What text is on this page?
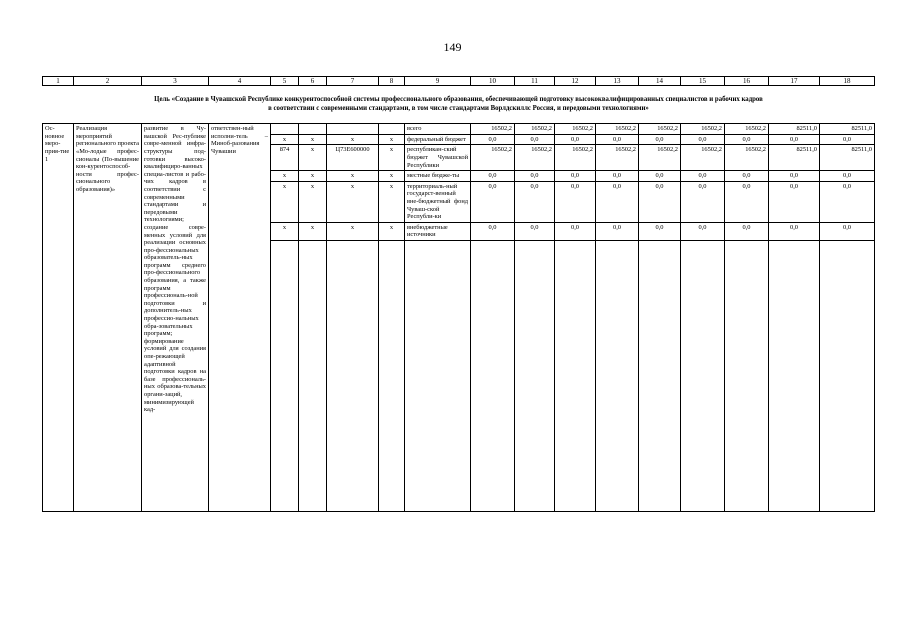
149
1	2	3	4	5	6	7	8	9	10	11	12	13	14	15	16	17	18

Цель «Создание в Чувашской Республике конкурентоспособной системы профессионального образования, обеспечивающей подготовку высококвалифицированных специалистов и рабочих кадров
в соответствии с современными стандартами, в том числе стандартами Ворлдскиллс Россия, и передовыми технологиями»																	

Ос-новное меро-прия-тие 1	Реализация мероприятий регионального проекта «Мо-лодые профес-сионалы (По-вышение кон-курентоспособ-ности профес-сионального образования)»	развитие в Чу-вашской Рес-публике совре-менной инфра-структуры под-готовки высоко-квалифициро-ванных специа-листов и рабо-чих кадров в соответствии с современными стандартами и передовыми технологиями; создание совре-менных условий для реализации основных про-фессиональных образователь-ных программ среднего про-фессионального образования, а также программ профессиональ-ной подготовки и дополнитель-ных профессио-нальных обра-зовательных программ; формирование условий для создания опе-режающей адаптивной подготовки кадров на базе профессиональ-ных образова-тельных органи-заций, минимизирующей кад-	ответствен-ный исполни-тель – Миноб-разования Чувашии					всего	16502,2	16502,2	16502,2	16502,2	16502,2	16502,2	16502,2	82511,0	82511,0
				x	x	x	x	федеральный бюджет	0,0	0,0	0,0	0,0	0,0	0,0	0,0	0,0	0,0
				874	x	Ц73Е600000	x	республикан-ский бюджет Чувашской Республики	16502,2	16502,2	16502,2	16502,2	16502,2	16502,2	16502,2	82511,0	82511,0
				x	x	x	x	местные бюдже-ты	0,0	0,0	0,0	0,0	0,0	0,0	0,0	0,0	0,0
				x	x	x	x	территориаль-ный государст-венный вне-бюджетный фонд Чуваш-ской Республи-ки	0,0	0,0	0,0	0,0	0,0	0,0	0,0	0,0	0,0
				x	x	x	x	внебюджетные источники	0,0	0,0	0,0	0,0	0,0	0,0	0,0	0,0	0,0
